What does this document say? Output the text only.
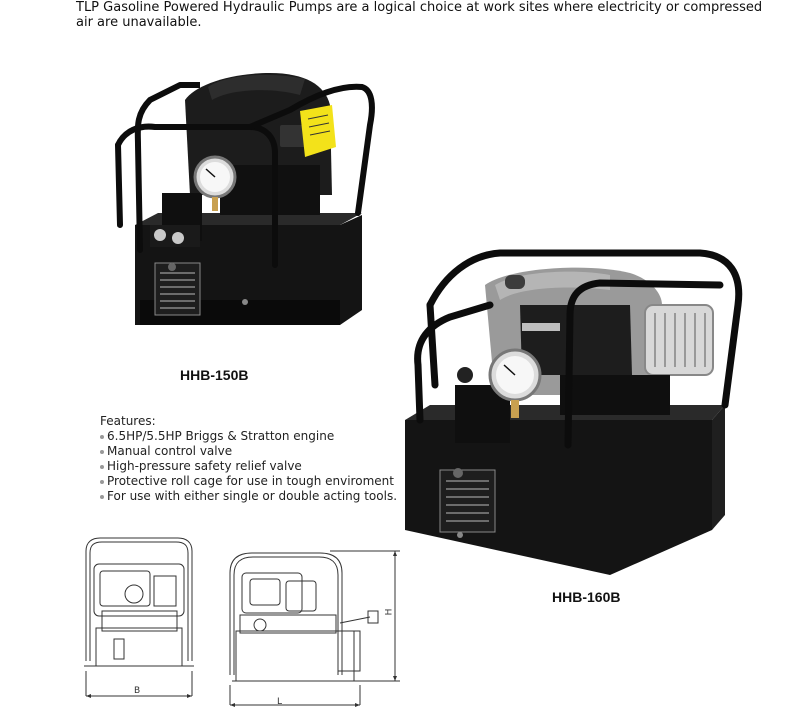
TLP Gasoline Powered Hydraulic Pumps are a logical choice at work sites where electricity or compressed air are unavailable.
HHB-150B
HHB-160B
Features:
6.5HP/5.5HP Briggs & Stratton engine
Manual control valve
High-pressure safety relief valve
Protective roll cage for use in tough enviroment
For use with either single or double acting tools.
B
L
H
